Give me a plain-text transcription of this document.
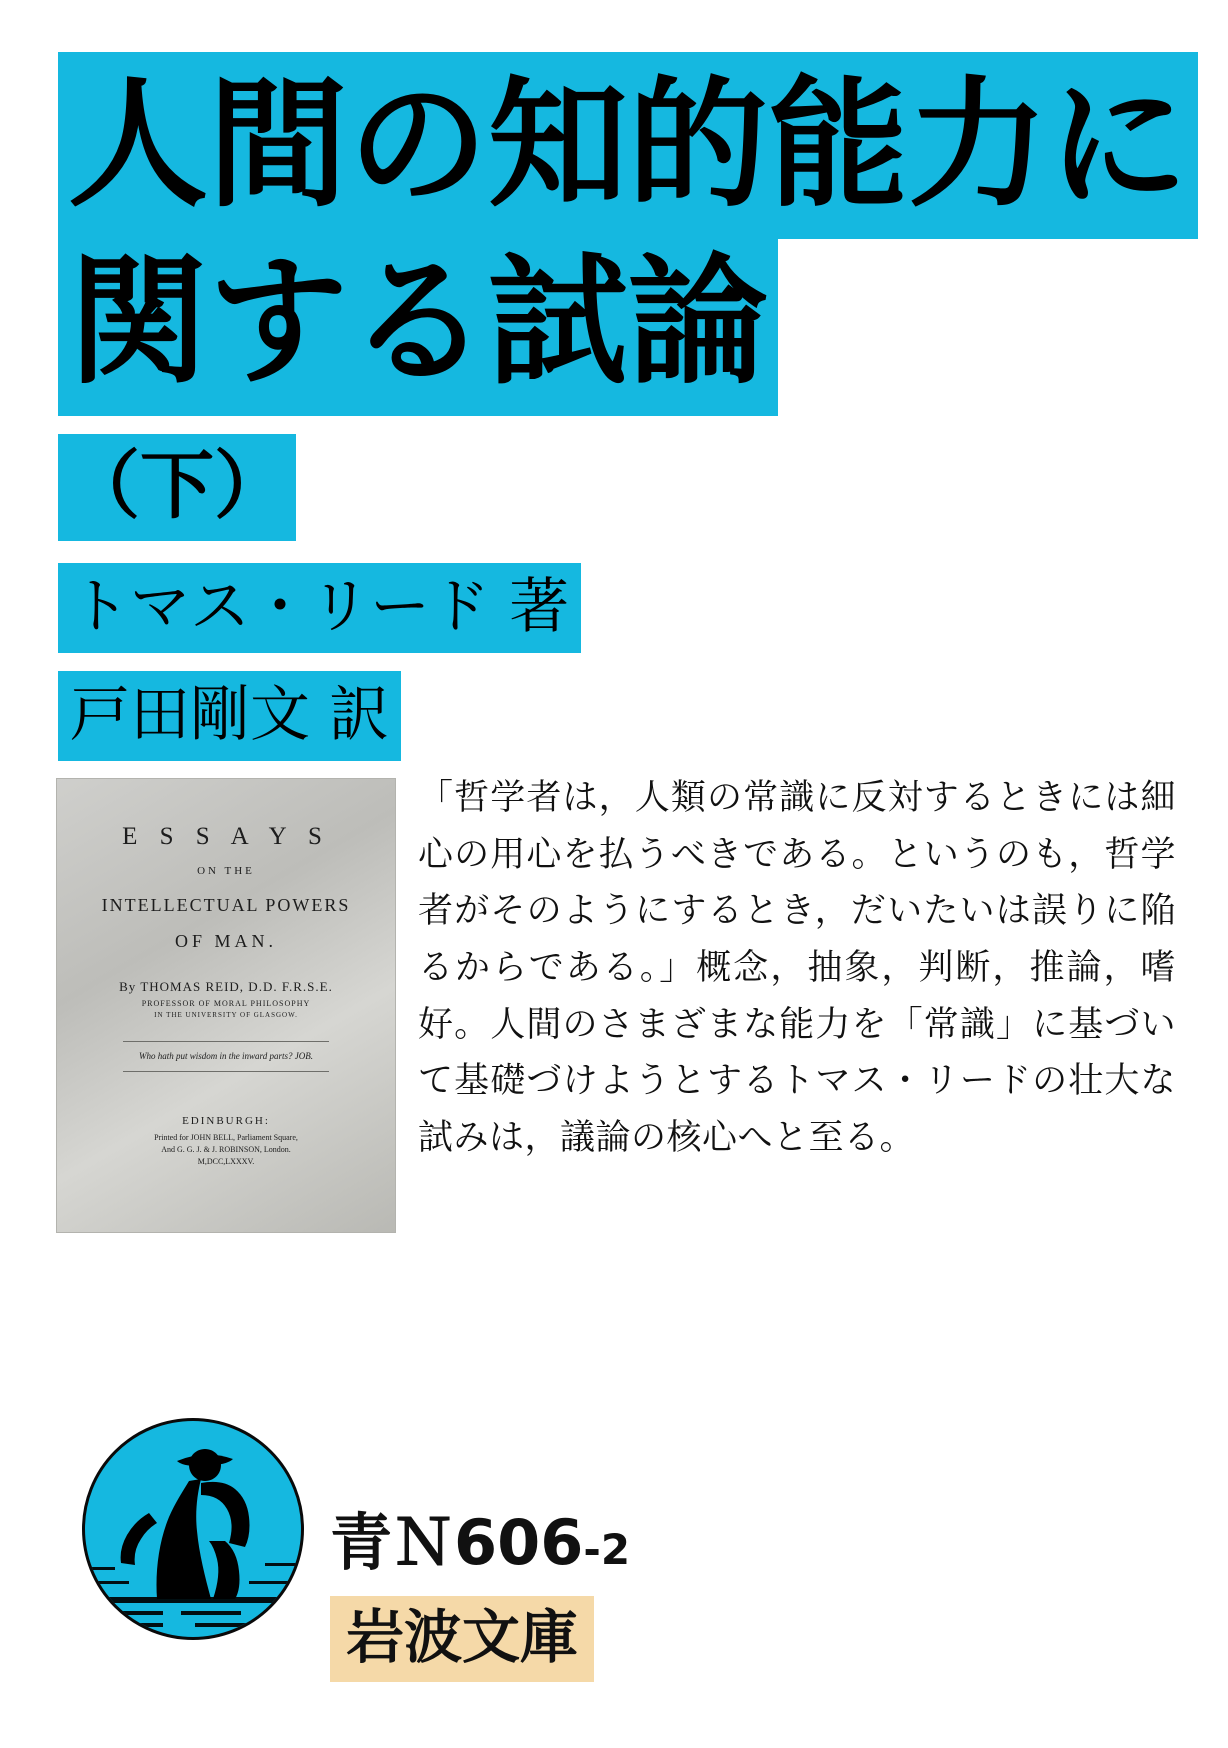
人間の知的能力に
関する試論
（下）
トマス・リード 著
戸田剛文 訳
E S S A Y S
ON THE
INTELLECTUAL POWERS
OF MAN.
By THOMAS REID, D.D. F.R.S.E.
PROFESSOR OF MORAL PHILOSOPHY
IN THE UNIVERSITY OF GLASGOW.
Who hath put wisdom in the inward parts? JOB.
EDINBURGH:
Printed for JOHN BELL, Parliament Square,
And G. G. J. & J. ROBINSON, London.
M,DCC,LXXXV.
「哲学者は，人類の常識に反対するときには細心の用心を払うべきである。というのも，哲学者がそのようにするとき，だいたいは誤りに陥るからである。」概念，抽象，判断，推論，嗜好。人間のさまざまな能力を「常識」に基づいて基礎づけようとするトマス・リードの壮大な試みは，議論の核心へと至る。
青Ｎ606-2
岩波文庫
